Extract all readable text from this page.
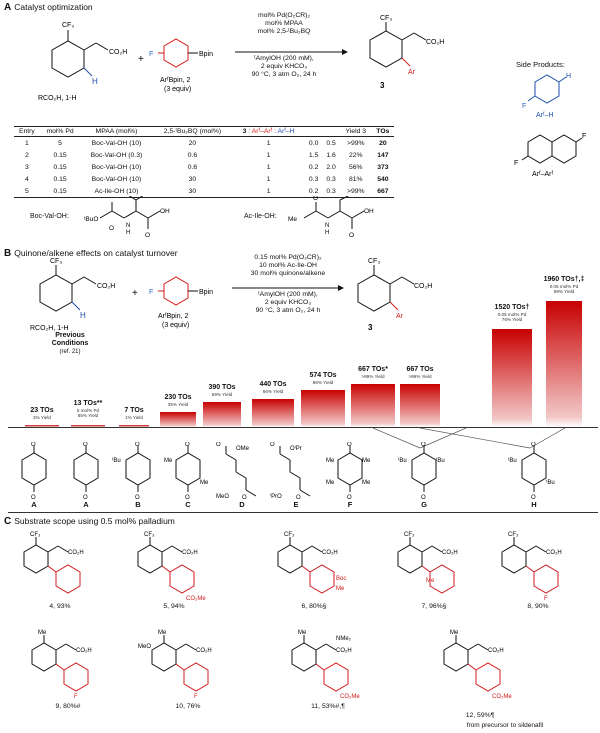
A Catalyst optimization
CF₃
CO₂H
H
RCO₂H, 1-H
+ F	Bpin
ArᶠBpin, 2
(3 equiv)
CF₃
CO₂H
Ar
3
mol% Pd(O₂CR)₂
mol% MPAA
mol% 2,5-ᵗBu₂BQ
ᵗAmylOH (200 mM),
2 equiv KHCO₃
90 °C, 3 atm O₂, 24 h
Side Products:
H
F
Arᶠ–H
F
F
Arᶠ–Arᶠ
Entry	mol% Pd	MPAA (mol%)	2,5-ᵗBu₂BQ (mol%)	3 : Arᶠ–Arᶠ : Arᶠ–H			Yield 3	TOs
1	5	Boc-Val-OH (10)	20	1	0.0	0.5	>99%	20
2	0.15	Boc-Val-OH (0.3)	0.6	1	1.5	1.6	22%	147
3	0.15	Boc-Val-OH (10)	0.6	1	0.2	2.0	56%	373
4	0.15	Boc-Val-OH (10)	30	1	0.3	0.3	81%	540
5	0.15	Ac-Ile-OH (10)	30	1	0.2	0.3	>99%	667
Boc-Val-OH: ᵗBuO
O N
H
OH
O
Ac-Ile-OH: Me
O
N
H
OH
O
B Quinone/alkene effects on catalyst turnover
CF₃
CO₂H
H
RCO₂H, 1-H
+ F	Bpin
ArᶠBpin, 2
(3 equiv)
CF₃
CO₂H
Ar
3
0.15 mol% Pd(O₂CR)₂
10 mol% Ac-Ile-OH
30 mol% quinone/alkene
ᵗAmylOH (200 mM),
2 equiv KHCO₃
90 °C, 3 atm O₂, 24 h
23 TOs
3% Yield
13 TOs**
5 mol% Pd
65% Yield
7 TOs
1% Yield
230 TOs
35% Yield
390 TOs
59% Yield
440 TOs
66% Yield
574 TOs
86% Yield
667 TOs*
>99% Yield
667 TOs
>99% Yield
1520 TOs†
0.05 mol% Pd
76% Yield
1960 TOs†,‡
0.05 mol% Pd
98% Yield
Previous Conditions
(ref. 21)
O
O
A
O
O
A
O
O
ᵗBu
B
O
O
Me
Me
C
O
OMe
O
MeO
D
O
OⁱPr
O
ⁱPrO
E
O
O
Me	Me
Me	Me
F
O
O
ᵗBu	ᵗBu
G
O
O
ᵗBu
ᵗBu
H
C Substrate scope using 0.5 mol% palladium
CF₃
CO₂H
4, 93%
CF₃
CO₂H
CO₂Me
5, 94%
CF₃
CO₂H
Boc
Me
6, 80%§
CF₃
CO₂H
Me
7, 96%§
CF₃
CO₂H
F
8, 90%
Me
CO₂H
F
9, 80%#
Me
CO₂H
F
MeO
10, 76%
Me
CO₂H
CO₂Me
NMe₂
11, 53%#,¶
Me
CO₂H
CO₂Me
12, 59%¶
from precursor to sildenafil
